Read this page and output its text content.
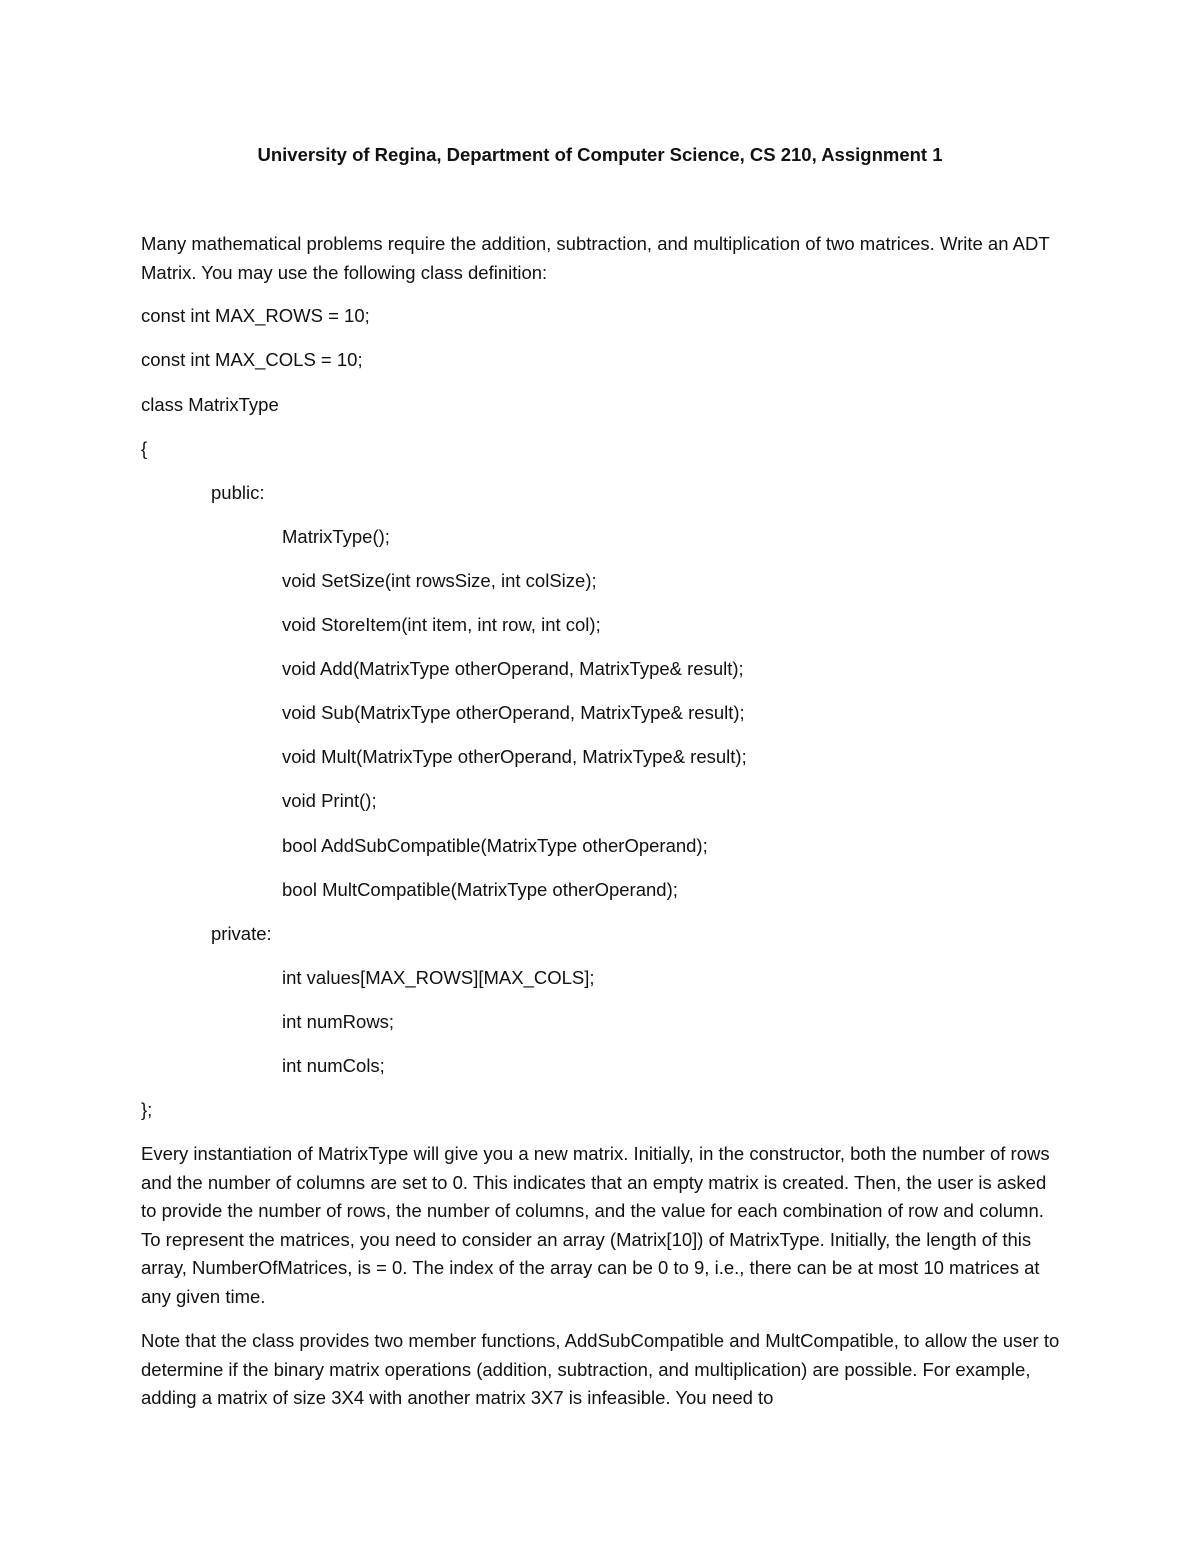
University of Regina, Department of Computer Science, CS 210, Assignment 1

Many mathematical problems require the addition, subtraction, and multiplication of two matrices. Write an ADT Matrix. You may use the following class definition:

const int MAX_ROWS = 10;
const int MAX_COLS = 10;
class MatrixType
{
public:
MatrixType();
void SetSize(int rowsSize, int colSize);
void StoreItem(int item, int row, int col);
void Add(MatrixType otherOperand, MatrixType& result);
void Sub(MatrixType otherOperand, MatrixType& result);
void Mult(MatrixType otherOperand, MatrixType& result);
void Print();
bool AddSubCompatible(MatrixType otherOperand);
bool MultCompatible(MatrixType otherOperand);
private:
int values[MAX_ROWS][MAX_COLS];
int numRows;
int numCols;
};

Every instantiation of MatrixType will give you a new matrix. Initially, in the constructor, both the number of rows and the number of columns are set to 0. This indicates that an empty matrix is created. Then, the user is asked to provide the number of rows, the number of columns, and the value for each combination of row and column. To represent the matrices, you need to consider an array (Matrix[10]) of MatrixType. Initially, the length of this array, NumberOfMatrices, is = 0. The index of the array can be 0 to 9, i.e., there can be at most 10 matrices at any given time.

Note that the class provides two member functions, AddSubCompatible and MultCompatible, to allow the user to determine if the binary matrix operations (addition, subtraction, and multiplication) are possible. For example, adding a matrix of size 3X4 with another matrix 3X7 is infeasible. You need to
